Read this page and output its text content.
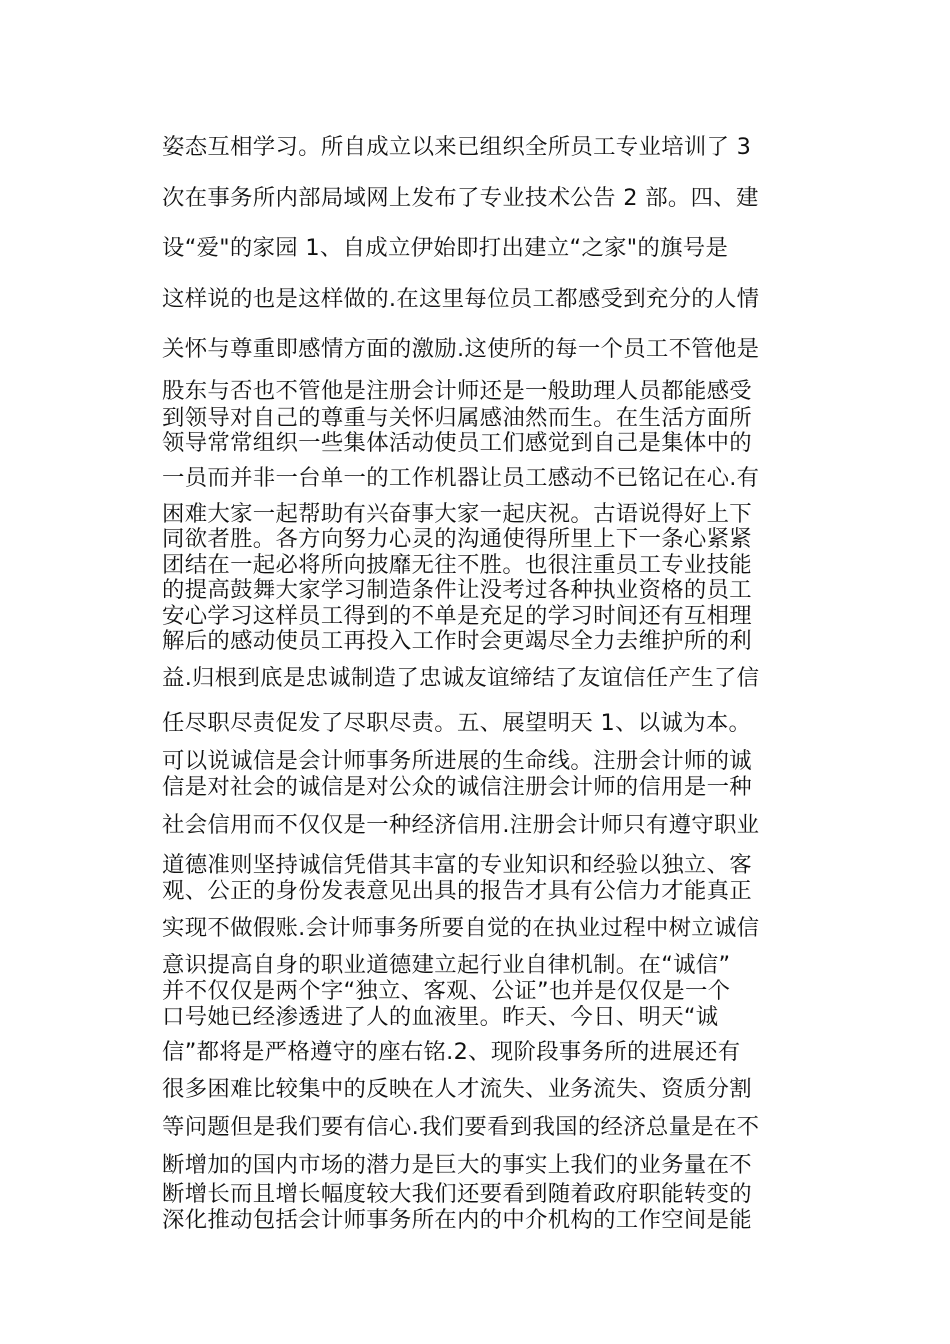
姿态互相学习。所自成立以来已组织全所员工专业培训了 3
次在事务所内部局域网上发布了专业技术公告 2 部。四、建
设“爱"的家园 1、自成立伊始即打出建立“之家"的旗号是
这样说的也是这样做的.在这里每位员工都感受到充分的人情
关怀与尊重即感情方面的激励.这使所的每一个员工不管他是
股东与否也不管他是注册会计师还是一般助理人员都能感受
到领导对自己的尊重与关怀归属感油然而生。在生活方面所
领导常常组织一些集体活动使员工们感觉到自己是集体中的
一员而并非一台单一的工作机器让员工感动不已铭记在心.有
困难大家一起帮助有兴奋事大家一起庆祝。古语说得好上下
同欲者胜。各方向努力心灵的沟通使得所里上下一条心紧紧
团结在一起必将所向披靡无往不胜。也很注重员工专业技能
的提高鼓舞大家学习制造条件让没考过各种执业资格的员工
安心学习这样员工得到的不单是充足的学习时间还有互相理
解后的感动使员工再投入工作时会更竭尽全力去维护所的利
益.归根到底是忠诚制造了忠诚友谊缔结了友谊信任产生了信
任尽职尽责促发了尽职尽责。五、展望明天 1、以诚为本。
可以说诚信是会计师事务所进展的生命线。注册会计师的诚
信是对社会的诚信是对公众的诚信注册会计师的信用是一种
社会信用而不仅仅是一种经济信用.注册会计师只有遵守职业
道德准则坚持诚信凭借其丰富的专业知识和经验以独立、客
观、公正的身份发表意见出具的报告才具有公信力才能真正
实现不做假账.会计师事务所要自觉的在执业过程中树立诚信
意识提高自身的职业道德建立起行业自律机制。在“诚信”
并不仅仅是两个字“独立、客观、公证”也并是仅仅是一个
口号她已经渗透进了人的血液里。昨天、今日、明天“诚
信”都将是严格遵守的座右铭.2、现阶段事务所的进展还有
很多困难比较集中的反映在人才流失、业务流失、资质分割
等问题但是我们要有信心.我们要看到我国的经济总量是在不
断增加的国内市场的潜力是巨大的事实上我们的业务量在不
断增长而且增长幅度较大我们还要看到随着政府职能转变的
深化推动包括会计师事务所在内的中介机构的工作空间是能
